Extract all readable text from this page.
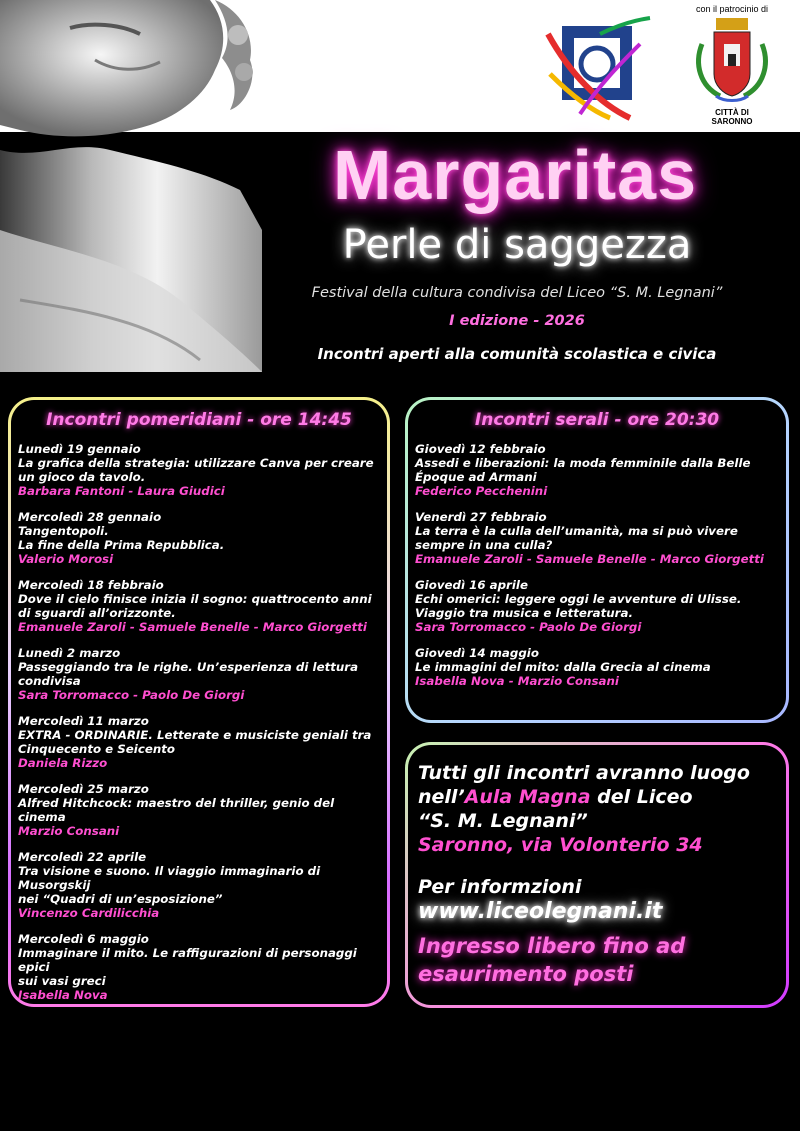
con il patrocinio di
CITTÀ DI
SARONNO
Margaritas
Perle di saggezza
Festival della cultura condivisa del Liceo “S. M. Legnani”
I edizione - 2026
Incontri aperti alla comunità scolastica e civica
Incontri pomeridiani - ore 14:45
Lunedì 19 gennaio
La grafica della strategia: utilizzare Canva per creare
un gioco da tavolo.
Barbara Fantoni - Laura Giudici
Mercoledì 28 gennaio
Tangentopoli.
La fine della Prima Repubblica.
Valerio Morosi
Mercoledì 18 febbraio
Dove il cielo finisce inizia il sogno: quattrocento anni
di sguardi all’orizzonte.
Emanuele Zaroli - Samuele Benelle - Marco Giorgetti
Lunedì 2 marzo
Passeggiando tra le righe. Un’esperienza di lettura
condivisa
Sara Torromacco - Paolo De Giorgi
Mercoledì 11 marzo
EXTRA - ORDINARIE. Letterate e musiciste geniali tra
Cinquecento e Seicento
Daniela Rizzo
Mercoledì 25 marzo
Alfred Hitchcock: maestro del thriller, genio del cinema
Marzio Consani
Mercoledì 22 aprile
Tra visione e suono. Il viaggio immaginario di Musorgskij
nei “Quadri di un’esposizione”
Vincenzo Cardilicchia
Mercoledì 6 maggio
Immaginare il mito. Le raffigurazioni di personaggi epici
sui vasi greci
Isabella Nova
Incontri serali - ore 20:30
Giovedì 12 febbraio
Assedi e liberazioni: la moda femminile dalla Belle
Époque ad Armani
Federico Pecchenini
Venerdì 27 febbraio
La terra è la culla dell’umanità, ma si può vivere
sempre in una culla?
Emanuele Zaroli - Samuele Benelle - Marco Giorgetti
Giovedì 16 aprile
Echi omerici: leggere oggi le avventure di Ulisse.
Viaggio tra musica e letteratura.
Sara Torromacco - Paolo De Giorgi
Giovedì 14 maggio
Le immagini del mito: dalla Grecia al cinema
Isabella Nova - Marzio Consani
Tutti gli incontri avranno luogo
nell’Aula Magna del Liceo
“S. M. Legnani”
Saronno, via Volonterio 34
Per informzioni
www.liceolegnani.it
Ingresso libero fino ad
esaurimento posti
